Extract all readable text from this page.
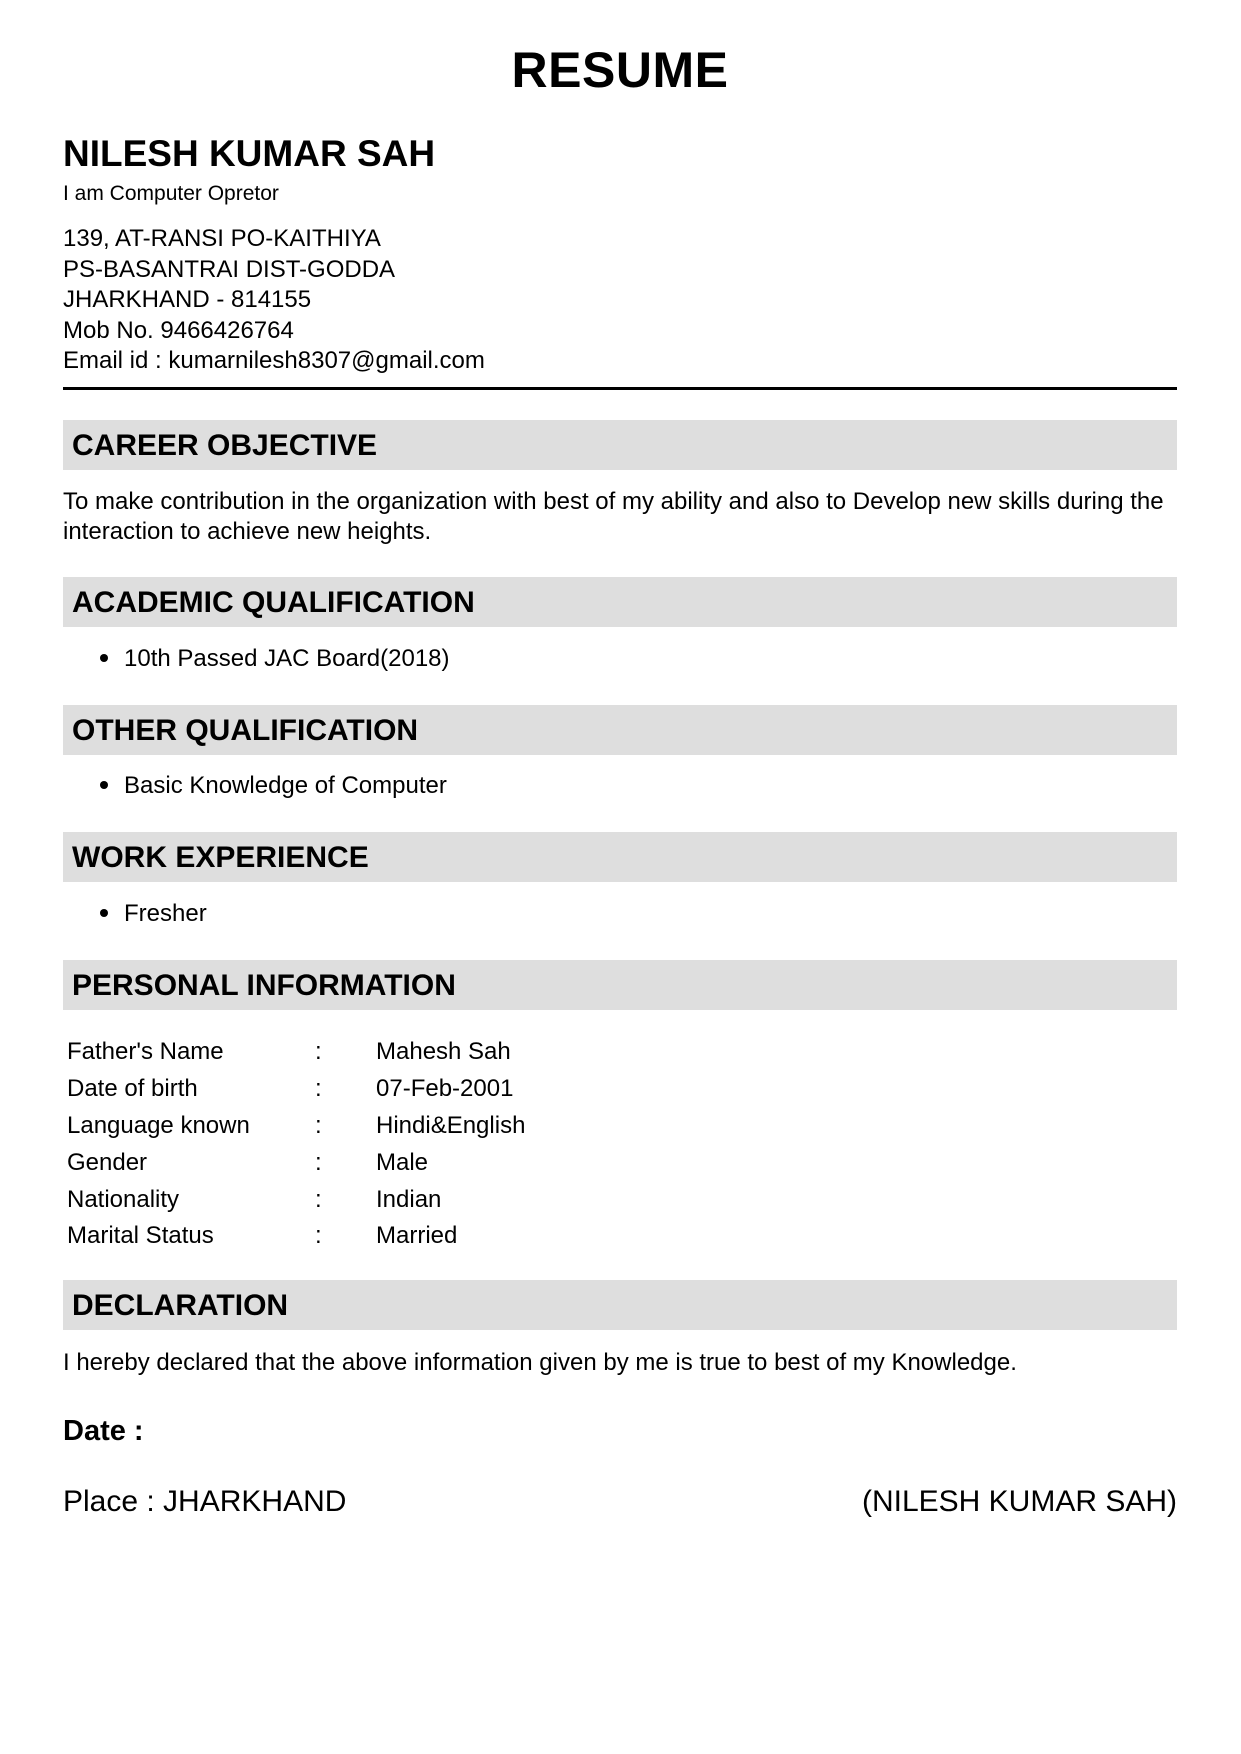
RESUME
NILESH KUMAR SAH
I am Computer Opretor
139, AT-RANSI PO-KAITHIYA
PS-BASANTRAI DIST-GODDA
JHARKHAND - 814155
Mob No. 9466426764
Email id : kumarnilesh8307@gmail.com
CAREER OBJECTIVE
To make contribution in the organization with best of my ability and also to Develop new skills during the interaction to achieve new heights.
ACADEMIC QUALIFICATION
10th Passed JAC Board(2018)
OTHER QUALIFICATION
Basic Knowledge of Computer
WORK EXPERIENCE
Fresher
PERSONAL INFORMATION
Father's Name	:	Mahesh Sah
Date of birth	:	07-Feb-2001
Language known	:	Hindi&English
Gender	:	Male
Nationality	:	Indian
Marital Status	:	Married
DECLARATION
I hereby declared that the above information given by me is true to best of my Knowledge.
Date :
Place : JHARKHAND	(NILESH KUMAR SAH)
